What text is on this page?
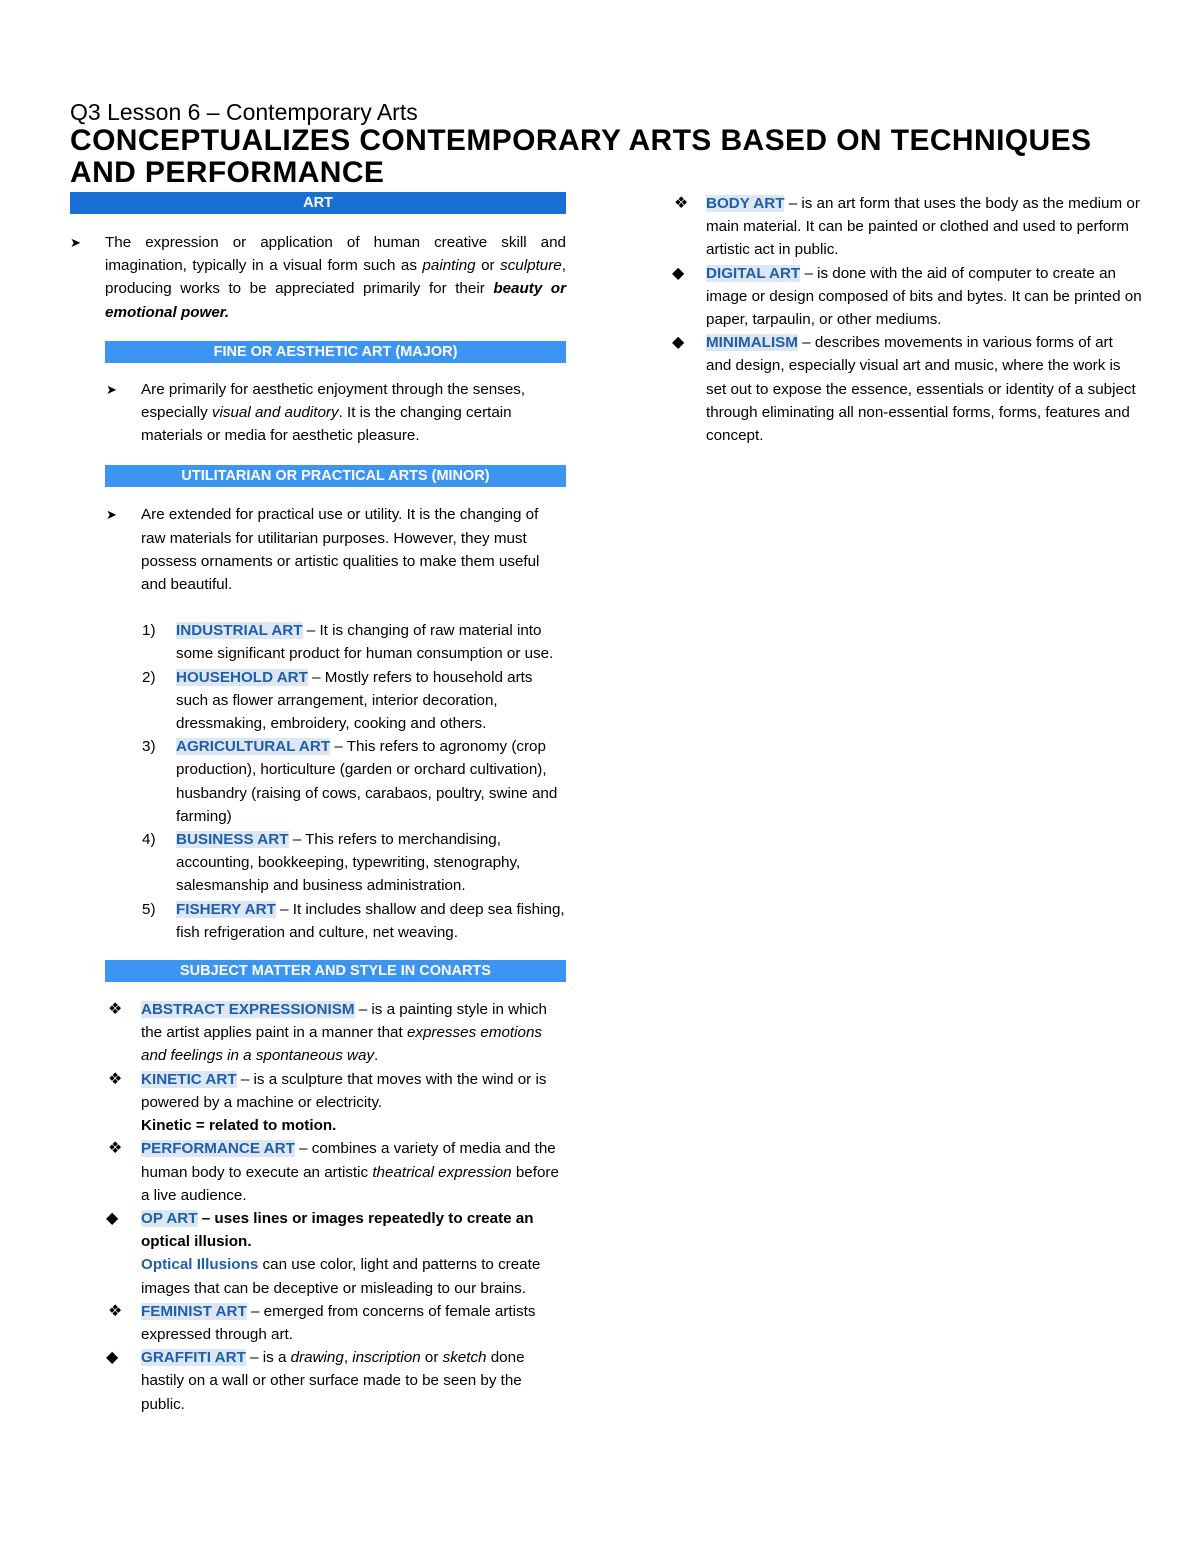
Q3 Lesson 6 – Contemporary Arts
CONCEPTUALIZES CONTEMPORARY ARTS BASED ON TECHNIQUES AND PERFORMANCE
ART
➤ The expression or application of human creative skill and imagination, typically in a visual form such as painting or sculpture, producing works to be appreciated primarily for their beauty or emotional power.
FINE OR AESTHETIC ART (MAJOR)
➤ Are primarily for aesthetic enjoyment through the senses, especially visual and auditory. It is the changing certain materials or media for aesthetic pleasure.
UTILITARIAN OR PRACTICAL ARTS (MINOR)
➤ Are extended for practical use or utility. It is the changing of raw materials for utilitarian purposes. However, they must possess ornaments or artistic qualities to make them useful and beautiful.
1) INDUSTRIAL ART – It is changing of raw material into some significant product for human consumption or use.
2) HOUSEHOLD ART – Mostly refers to household arts such as flower arrangement, interior decoration, dressmaking, embroidery, cooking and others.
3) AGRICULTURAL ART – This refers to agronomy (crop production), horticulture (garden or orchard cultivation), husbandry (raising of cows, carabaos, poultry, swine and farming)
4) BUSINESS ART – This refers to merchandising, accounting, bookkeeping, typewriting, stenography, salesmanship and business administration.
5) FISHERY ART – It includes shallow and deep sea fishing, fish refrigeration and culture, net weaving.
SUBJECT MATTER AND STYLE IN CONARTS
❖ ABSTRACT EXPRESSIONISM – is a painting style in which the artist applies paint in a manner that expresses emotions and feelings in a spontaneous way.
❖ KINETIC ART – is a sculpture that moves with the wind or is powered by a machine or electricity.
Kinetic = related to motion.
❖ PERFORMANCE ART – combines a variety of media and the human body to execute an artistic theatrical expression before a live audience.
◆ OP ART – uses lines or images repeatedly to create an optical illusion.
Optical Illusions can use color, light and patterns to create images that can be deceptive or misleading to our brains.
❖ FEMINIST ART – emerged from concerns of female artists expressed through art.
◆ GRAFFITI ART – is a drawing, inscription or sketch done hastily on a wall or other surface made to be seen by the public.
❖ BODY ART – is an art form that uses the body as the medium or main material. It can be painted or clothed and used to perform artistic act in public.
◆ DIGITAL ART – is done with the aid of computer to create an image or design composed of bits and bytes. It can be printed on paper, tarpaulin, or other mediums.
◆ MINIMALISM – describes movements in various forms of art and design, especially visual art and music, where the work is set out to expose the essence, essentials or identity of a subject through eliminating all non-essential forms, forms, features and concept.
